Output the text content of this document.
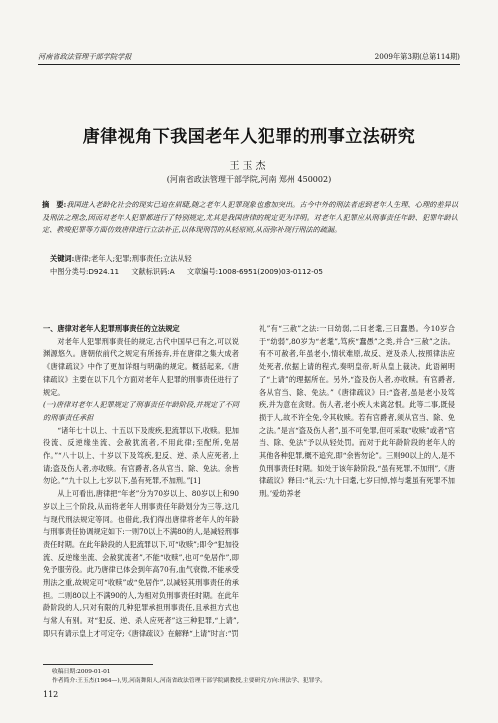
河南省政法管理干部学院学报	2009年第3期(总第114期)
唐律视角下我国老年人犯罪的刑事立法研究
王玉杰
(河南省政法管理干部学院,河南 郑州 450002)
摘　要:我国进入老龄化社会的现实已迫在眉睫,随之老年人犯罪现象也愈加突出。古今中外的刑法者虑到老年人生理、心理的差异以及刑法之理念,因而对老年人犯罪都进行了特别规定,尤其是我国唐律的规定更为详明。对老年人犯罪应从刑事责任年龄、犯罪年龄认定、教唆犯罪等方面仿效唐律进行立法补正,以体现刑罚的从轻原则,从而弥补现行刑法的疏漏。
关键词:唐律;老年人;犯罪;刑事责任;立法从轻
中图分类号:D924.11 文献标识码:A 文章编号:1008-6951(2009)03-0112-05

一、唐律对老年人犯罪刑事责任的立法规定

对老年人犯罪刑事责任的规定,古代中国早已有之,可以说渊源悠久。唐朝依前代之规定有所扬弃,并在唐律之集大成者《唐律疏议》中作了更加详细与明确的规定。概括起来,《唐律疏议》主要在以下几个方面对老年人犯罪的刑事责任进行了规定。

(一)唐律对老年人犯罪规定了刑事责任年龄阶段,并规定了不同的刑事责任承担

“诸年七十以上、十五以下及废疾,犯流罪以下,收赎。犯加役流、反逆缘坐流、会赦犹流者,不用此律;至配所,免居作。”“八十以上、十岁以下及笃疾,犯反、逆、杀人应死者,上请;盗及伤人者,亦收赎。有官爵者,各从官当、除、免法。余皆勿论。”“九十以上,七岁以下,虽有死罪,不加刑。”[1]

从上可看出,唐律把“年老”分为70岁以上、80岁以上和90岁以上三个阶段,从而将老年人刑事责任年龄划分为三等,这几与现代刑法规定等同。也借此,我们得出唐律将老年人的年龄与刑事责任协调规定如下:一则70以上不满80的人,是减轻刑事责任时期。在此年龄段的人犯流罪以下,可“收赎”;即令“犯加役流、反逆缘坐流、会赦犹流者”,不能“收赎”,也可“免居作”,即免予服劳役。此乃唐律已体会到年高70有,血气衰微,不能承受刑法之重,故规定可“收赎”或“免居作”,以减轻其刑事责任的承担。二则80以上不满90的人,为相对负刑事责任时期。在此年龄阶段的人,只对有限的几种犯罪承担刑事责任,且承担方式也与常人有别。对“犯反、逆、杀人应死者”这三种犯罪,“上请”,即只有请示皇上才可定夺;《唐律疏议》在解释“上请”时言:“罚

收稿日期:2009-01-01
作者简介:王玉杰(1964—),男,河南舞阳人,河南省政法管理干部学院副教授,主要研究方向:刑法学、犯罪学。
112

礼”有“三赦”之法:一曰幼弱,二曰老耄,三曰蠢愚。今10岁合于“幼弱”,80岁为“老耄”,笃疾“蠢愚”之类,并合“三赦”之法。有不可赦者,年虽老小,情状难原,故反、逆及杀人,按照律法应处死者,依据上请的程式,奏明皇帝,听从皇上裁决。此语阐明了“上请”的理据所在。另外,“盗及伤人者,亦收赎。有官爵者,各从官当、除、免法。”《唐律疏议》曰:“盗者,虽是老小及笃疾,并为意在贪财。伤人者,老小疾人未离忿恨。此等二事,既侵损于人,故不许全免,令其收赎。若有官爵者,须从官当、除、免之法。”是言“盗及伤人者”,虽不可免罪,但可采取“收赎”或者“官当、除、免法”予以从轻处罚。而对于此年龄阶段的老年人的其他各种犯罪,概不追究,即“余皆勿论”。三则90以上的人,是不负刑事责任时期。如处于该年龄阶段,“虽有死罪,不加刑”,《唐律疏议》释曰:“礼云:‘九十曰耄,七岁曰悼,悼与耄虽有死罪不加刑。’爱幼养老
